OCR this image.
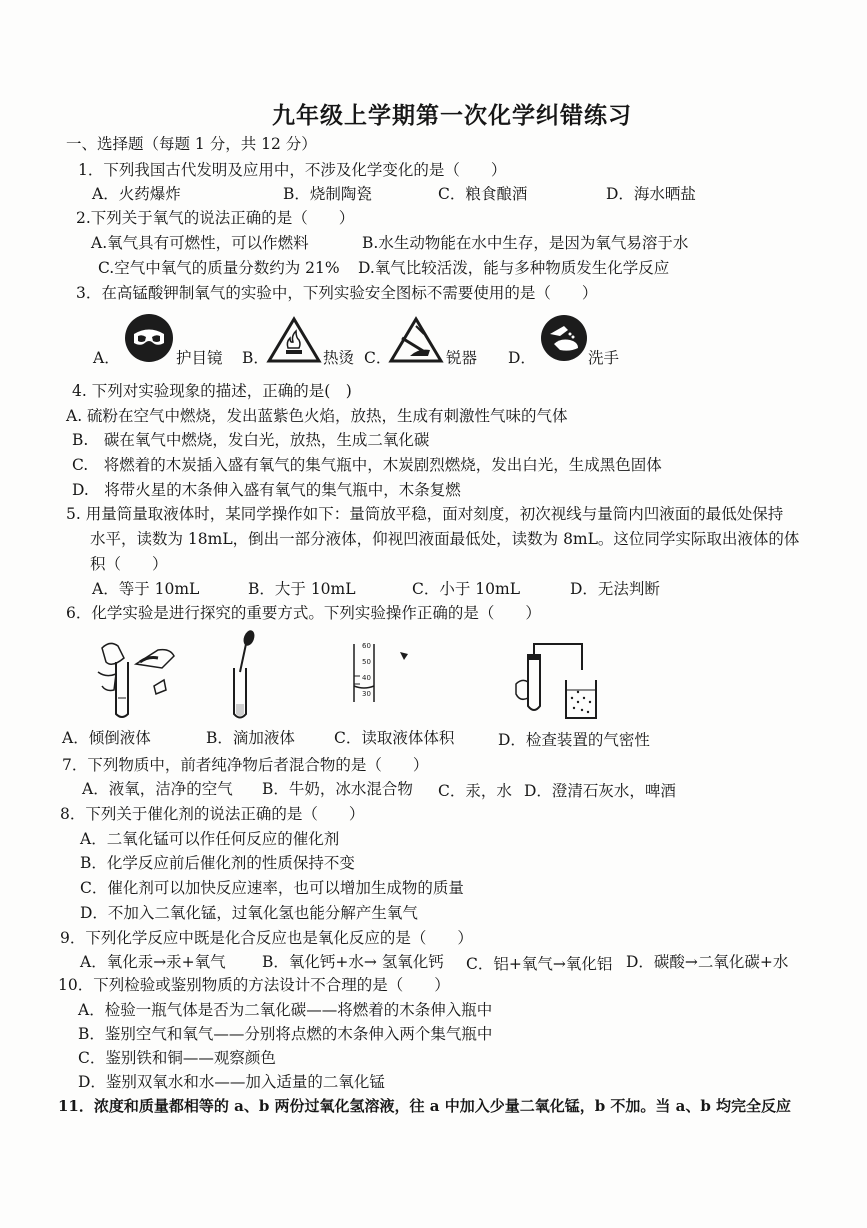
九年级上学期第一次化学纠错练习
一、选择题（每题 1 分，共 12 分）
1．下列我国古代发明及应用中，不涉及化学变化的是（　　）
A．火药爆炸	B．烧制陶瓷	C．粮食酿酒	D．海水晒盐
2.下列关于氧气的说法正确的是（　　）
A.氧气具有可燃性，可以作燃料	B.水生动物能在水中生存，是因为氧气易溶于水
C.空气中氧气的质量分数约为 21% D.氧气比较活泼，能与多种物质发生化学反应
3．在高锰酸钾制氧气的实验中，下列实验安全图标不需要使用的是（　　）
A．	护目镜 B．	热烫 C．	锐器 D．	洗手
4. 下列对实验现象的描述，正确的是(　)
A. 硫粉在空气中燃烧，发出蓝紫色火焰，放热，生成有刺激性气味的气体
B.　碳在氧气中燃烧，发白光，放热，生成二氧化碳
C.　将燃着的木炭插入盛有氧气的集气瓶中，木炭剧烈燃烧，发出白光，生成黑色固体
D.　将带火星的木条伸入盛有氧气的集气瓶中，木条复燃
5. 用量筒量取液体时，某同学操作如下：量筒放平稳，面对刻度，初次视线与量筒内凹液面的最低处保持
水平，读数为 18mL，倒出一部分液体，仰视凹液面最低处，读数为 8mL。这位同学实际取出液体的体
积（　　）
A．等于 10mL	B．大于 10mL	C．小于 10mL	D．无法判断
6．化学实验是进行探究的重要方式。下列实验操作正确的是（　　）
60
50
40
30
A．倾倒液体	B．滴加液体	C．读取液体体积	D．检查装置的气密性
7．下列物质中，前者纯净物后者混合物的是（　　）
A．液氧，洁净的空气 B．牛奶，冰水混合物 C．汞，水 D．澄清石灰水，啤酒
8．下列关于催化剂的说法正确的是（　　）
A．二氧化锰可以作任何反应的催化剂
B．化学反应前后催化剂的性质保持不变
C．催化剂可以加快反应速率，也可以增加生成物的质量
D．不加入二氧化锰，过氧化氢也能分解产生氧气
9．下列化学反应中既是化合反应也是氧化反应的是（　　）
A．氧化汞→汞+氧气 B．氧化钙+水→ 氢氧化钙 C．铝+氧气→氧化铝 D．碳酸→二氧化碳+水
10．下列检验或鉴别物质的方法设计不合理的是（　　）
A．检验一瓶气体是否为二氧化碳——将燃着的木条伸入瓶中
B．鉴别空气和氧气——分别将点燃的木条伸入两个集气瓶中
C．鉴别铁和铜——观察颜色
D．鉴别双氧水和水——加入适量的二氧化锰
11．浓度和质量都相等的 a、b 两份过氧化氢溶液，往 a 中加入少量二氧化锰，b 不加。当 a、b 均完全反应
